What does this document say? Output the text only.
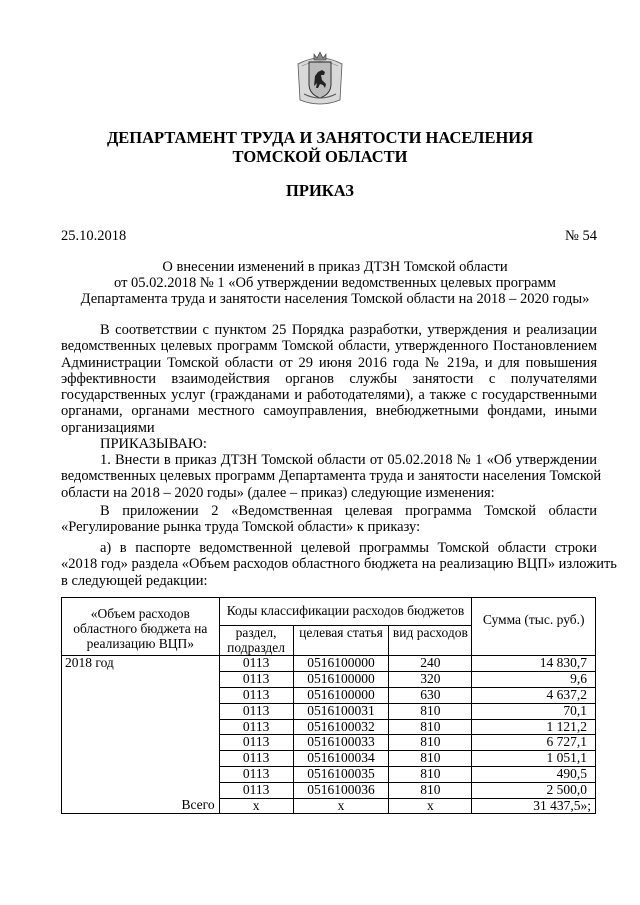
ДЕПАРТАМЕНТ ТРУДА И ЗАНЯТОСТИ НАСЕЛЕНИЯ
ТОМСКОЙ ОБЛАСТИ
ПРИКАЗ
25.10.2018	№ 54
О внесении изменений в приказ ДТЗН Томской области
от 05.02.2018 № 1 «Об утверждении ведомственных целевых программ
Департамента труда и занятости населения Томской области на 2018 – 2020 годы»
В соответствии с пунктом 25 Порядка разработки, утверждения и реализации
ведомственных целевых программ Томской области, утвержденного Постановлением
Администрации Томской области от 29 июня 2016 года № 219а, и для повышения
эффективности взаимодействия органов службы занятости с получателями
государственных услуг (гражданами и работодателями), а также с государственными
органами, органами местного самоуправления, внебюджетными фондами, иными
организациями
ПРИКАЗЫВАЮ:
1. Внести в приказ ДТЗН Томской области от 05.02.2018 № 1 «Об утверждении
ведомственных целевых программ Департамента труда и занятости населения Томской
области на 2018 – 2020 годы» (далее – приказ) следующие изменения:
В приложении 2 «Ведомственная целевая программа Томской области
«Регулирование рынка труда Томской области» к приказу:
а) в паспорте ведомственной целевой программы Томской области строки
«2018 год» раздела «Объем расходов областного бюджета на реализацию ВЦП» изложить
в следующей редакции:
«Объем расходов областного бюджета на реализацию ВЦП»	Коды классификации расходов бюджетов			Сумма (тыс. руб.)
	раздел, подраздел	целевая статья	вид расходов	
2018 год	0113	0516100000	240	14 830,7
	0113	0516100000	320	9,6
	0113	0516100000	630	4 637,2
	0113	0516100031	810	70,1
	0113	0516100032	810	1 121,2
	0113	0516100033	810	6 727,1
	0113	0516100034	810	1 051,1
	0113	0516100035	810	490,5
	0113	0516100036	810	2 500,0
Всего	х	х	х	31 437,5»;
